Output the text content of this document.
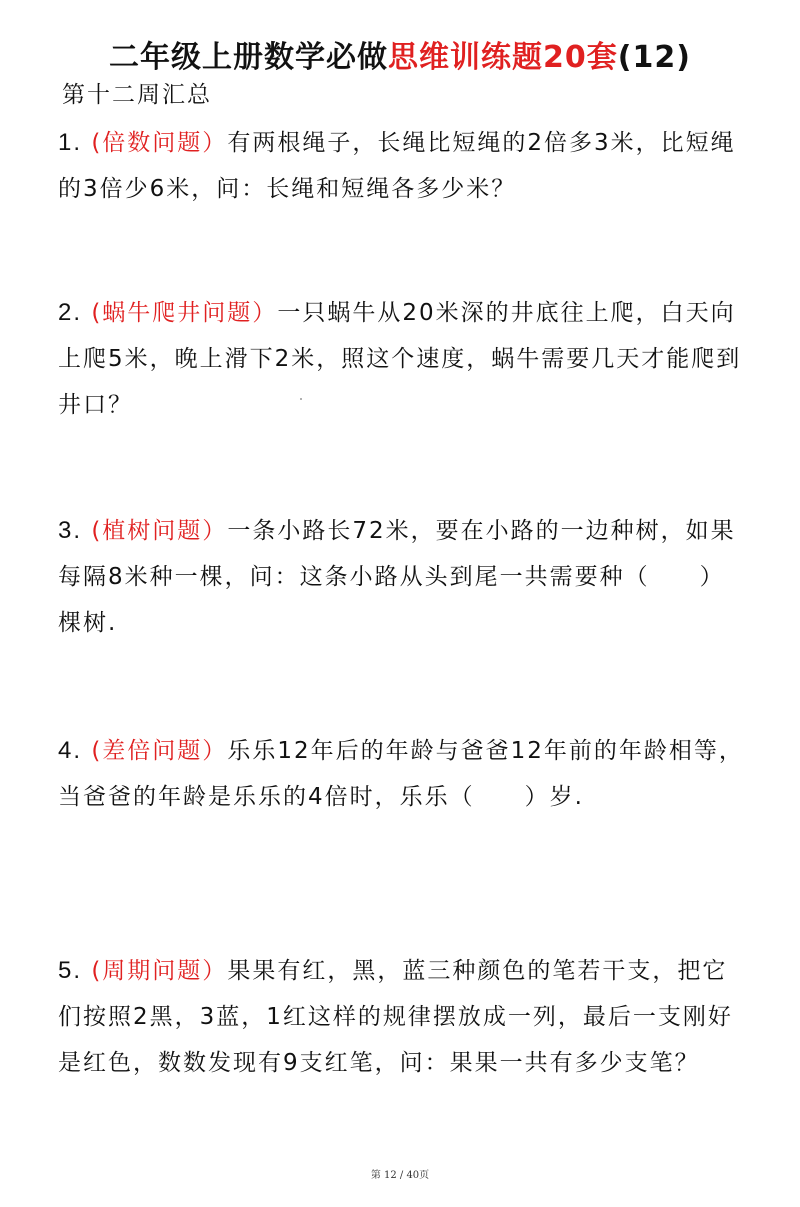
二年级上册数学必做思维训练题20套(12)
第十二周汇总
1. (倍数问题）有两根绳子，长绳比短绳的2倍多3米，比短绳的3倍少6米，问：长绳和短绳各多少米？
2. (蜗牛爬井问题）一只蜗牛从20米深的井底往上爬，白天向上爬5米，晚上滑下2米，照这个速度，蜗牛需要几天才能爬到井口？
3. (植树问题）一条小路长72米，要在小路的一边种树，如果每隔8米种一棵，问：这条小路从头到尾一共需要种（　　）棵树.
4. (差倍问题）乐乐12年后的年龄与爸爸12年前的年龄相等，当爸爸的年龄是乐乐的4倍时，乐乐（　　）岁.
5. (周期问题）果果有红，黑，蓝三种颜色的笔若干支，把它们按照2黑，3蓝，1红这样的规律摆放成一列，最后一支刚好是红色，数数发现有9支红笔，问：果果一共有多少支笔？
第 12 / 40页
